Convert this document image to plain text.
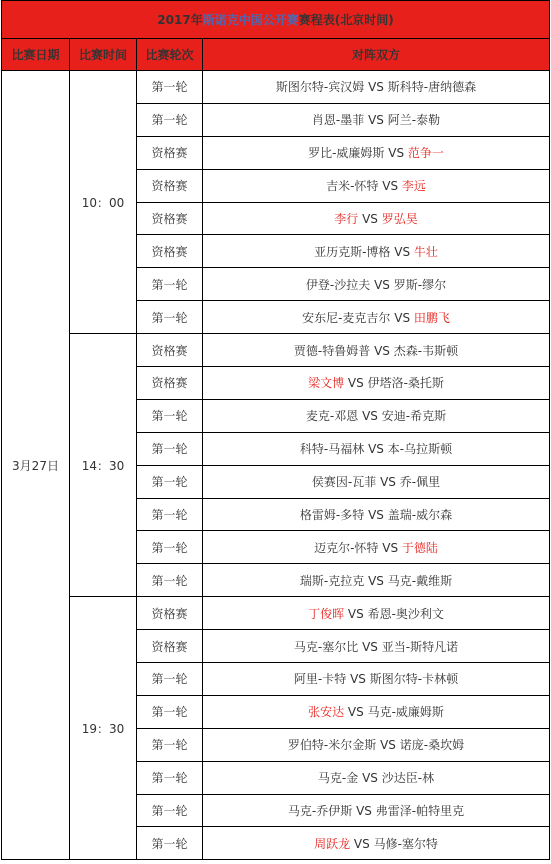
2017年斯诺克中国公开赛赛程表(北京时间)			
比赛日期	比赛时间	比赛轮次	对阵双方
3月27日	10：00	第一轮	斯图尔特-宾汉姆 VS 斯科特-唐纳德森
		第一轮	肖恩-墨菲 VS 阿兰-泰勒
		资格赛	罗比-威廉姆斯 VS 范争一
		资格赛	吉米-怀特 VS 李远
		资格赛	李行 VS 罗弘昊
		资格赛	亚历克斯-博格 VS 牛壮
		第一轮	伊登-沙拉夫 VS 罗斯-缪尔
		第一轮	安东尼-麦克吉尔 VS 田鹏飞
	14：30	资格赛	贾德-特鲁姆普 VS 杰森-韦斯顿
		资格赛	梁文博 VS 伊塔洛-桑托斯
		第一轮	麦克-邓恩 VS 安迪-希克斯
		第一轮	科特-马福林 VS 本-乌拉斯顿
		第一轮	侯赛因-瓦菲 VS 乔-佩里
		第一轮	格雷姆-多特 VS 盖瑞-威尔森
		第一轮	迈克尔-怀特 VS 于德陆
		第一轮	瑞斯-克拉克 VS 马克-戴维斯
	19：30	资格赛	丁俊晖 VS 希恩-奥沙利文
		资格赛	马克-塞尔比 VS 亚当-斯特凡诺
		第一轮	阿里-卡特 VS 斯图尔特-卡林顿
		第一轮	张安达 VS 马克-威廉姆斯
		第一轮	罗伯特-米尔金斯 VS 诺庞-桑坎姆
		第一轮	马克-金 VS 沙达臣-林
		第一轮	马克-乔伊斯 VS 弗雷泽-帕特里克
		第一轮	周跃龙 VS 马修-塞尔特
